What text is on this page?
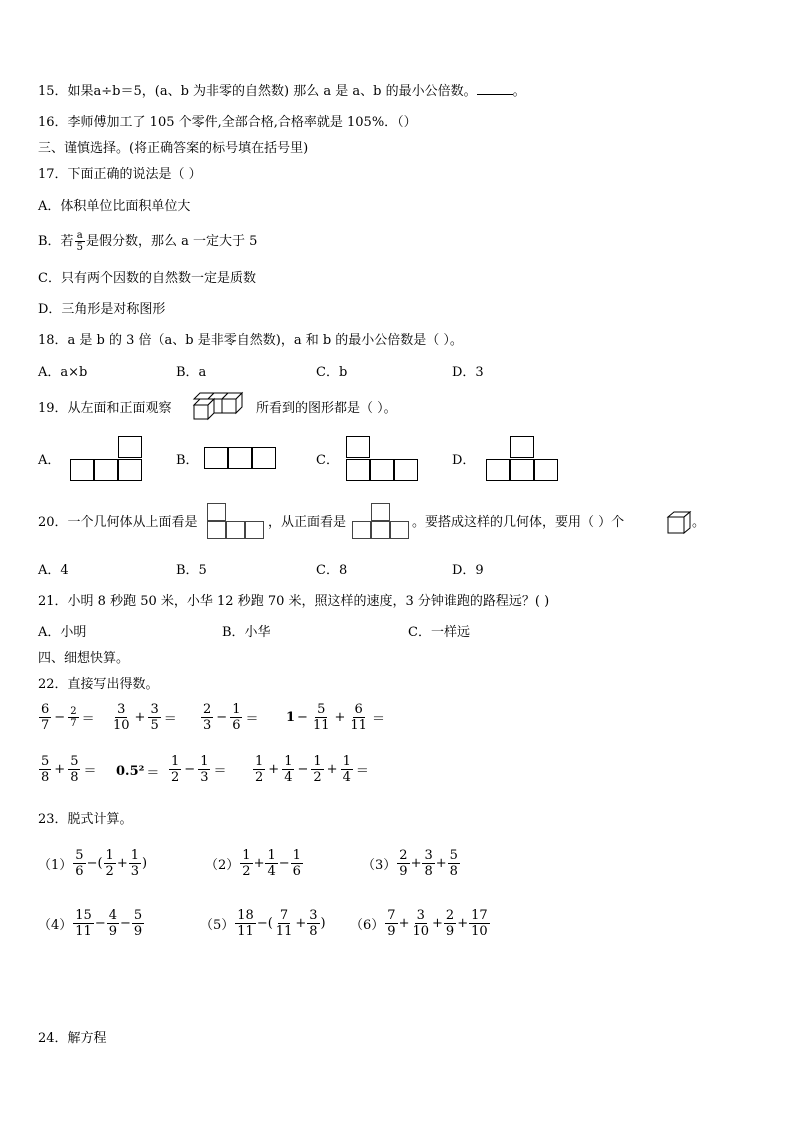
15．如果a÷b＝5，(a、b 为非零的自然数) 那么 a 是 a、b 的最小公倍数。	。
16．李师傅加工了 105 个零件,全部合格,合格率就是 105%．（）
三、谨慎选择。(将正确答案的标号填在括号里)
17．下面正确的说法是（ ）
A．体积单位比面积单位大
B．若 $\frac{a}{5}$ 是假分数，那么 a 一定大于 5
C．只有两个因数的自然数一定是质数
D．三角形是对称图形
18．a 是 b 的 3 倍（a、b 是非零自然数)，a 和 b 的最小公倍数是（ ）。
A．a×b	B．a	C．b	D．3
19．从左面和正面观察	所看到的图形都是（ ）。
A．	B．	C．	D．
20．一个几何体从上面看是	，从正面看是	。要搭成这样的几何体，要用（ ）个	。
A．4	B．5	C．8	D．9
21．小明 8 秒跑 50 米，小华 12 秒跑 70 米，照这样的速度，3 分钟谁跑的路程远？( )
A．小明	B．小华	C．一样远
四、细想快算。
22．直接写出得数。
$\frac{6}{7} - \frac{2}{7} = \frac{3}{10} + \frac{3}{5} = \frac{2}{3} - \frac{1}{6} = 1 - \frac{5}{11} + \frac{6}{11}$ ＝
$\frac{5}{8} + \frac{5}{8} = 0.5^2 = \frac{1}{2} - \frac{1}{3} = \frac{1}{2} + \frac{1}{4} - \frac{1}{2} + \frac{1}{4}$ ＝
23．脱式计算。
$(1) \frac{5}{6}$ −( $\frac{1}{2} + \frac{1}{3}$ )	$(2) \frac{1}{2} + \frac{1}{4} - \frac{1}{6}$	$(3) \frac{2}{9} + \frac{3}{8} + \frac{5}{8}$
$(4) \frac{15}{11} - \frac{4}{9} - \frac{5}{9}$	$(5) \frac{18}{11}$ −( $\frac{7}{11} + \frac{3}{8}$ ) $(6) \frac{7}{9} + \frac{3}{10} + \frac{2}{9} + \frac{17}{10}$
24．解方程
